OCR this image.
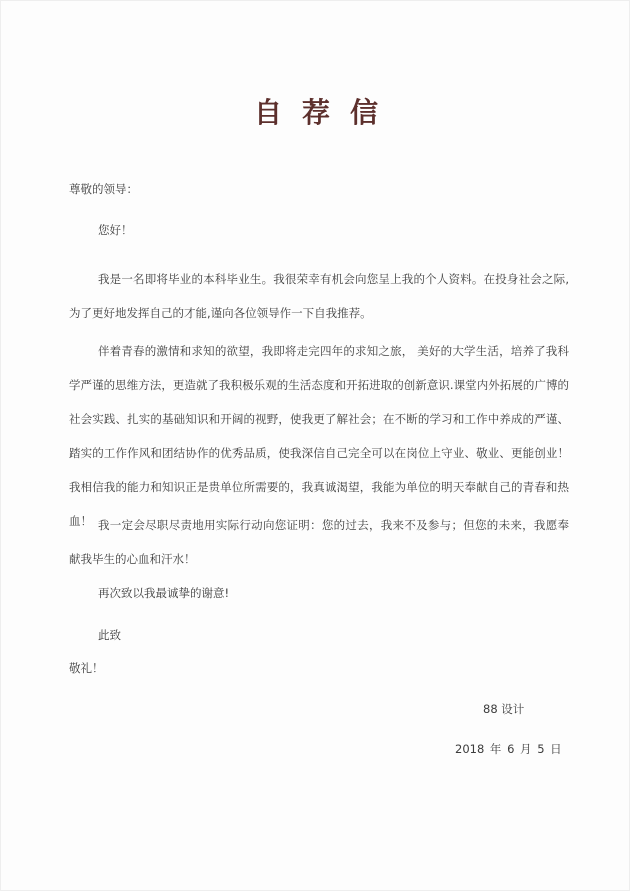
自荐信
尊敬的领导：
您好！
我是一名即将毕业的本科毕业生。我很荣幸有机会向您呈上我的个人资料。在投身社会之际,为了更好地发挥自己的才能,谨向各位领导作一下自我推荐。
伴着青春的激情和求知的欲望，我即将走完四年的求知之旅， 美好的大学生活，培养了我科学严谨的思维方法，更造就了我积极乐观的生活态度和开拓进取的创新意识.课堂内外拓展的广博的社会实践、扎实的基础知识和开阔的视野，使我更了解社会；在不断的学习和工作中养成的严谨、踏实的工作作风和团结协作的优秀品质，使我深信自己完全可以在岗位上守业、敬业、更能创业！我相信我的能力和知识正是贵单位所需要的，我真诚渴望，我能为单位的明天奉献自己的青春和热血！ 我一定会尽职尽责地用实际行动向您证明：您的过去，我来不及参与；但您的未来，我愿奉献我毕生的心血和汗水！
再次致以我最诚挚的谢意!
此致
敬礼！
88 设计
2018 年 6 月 5 日
